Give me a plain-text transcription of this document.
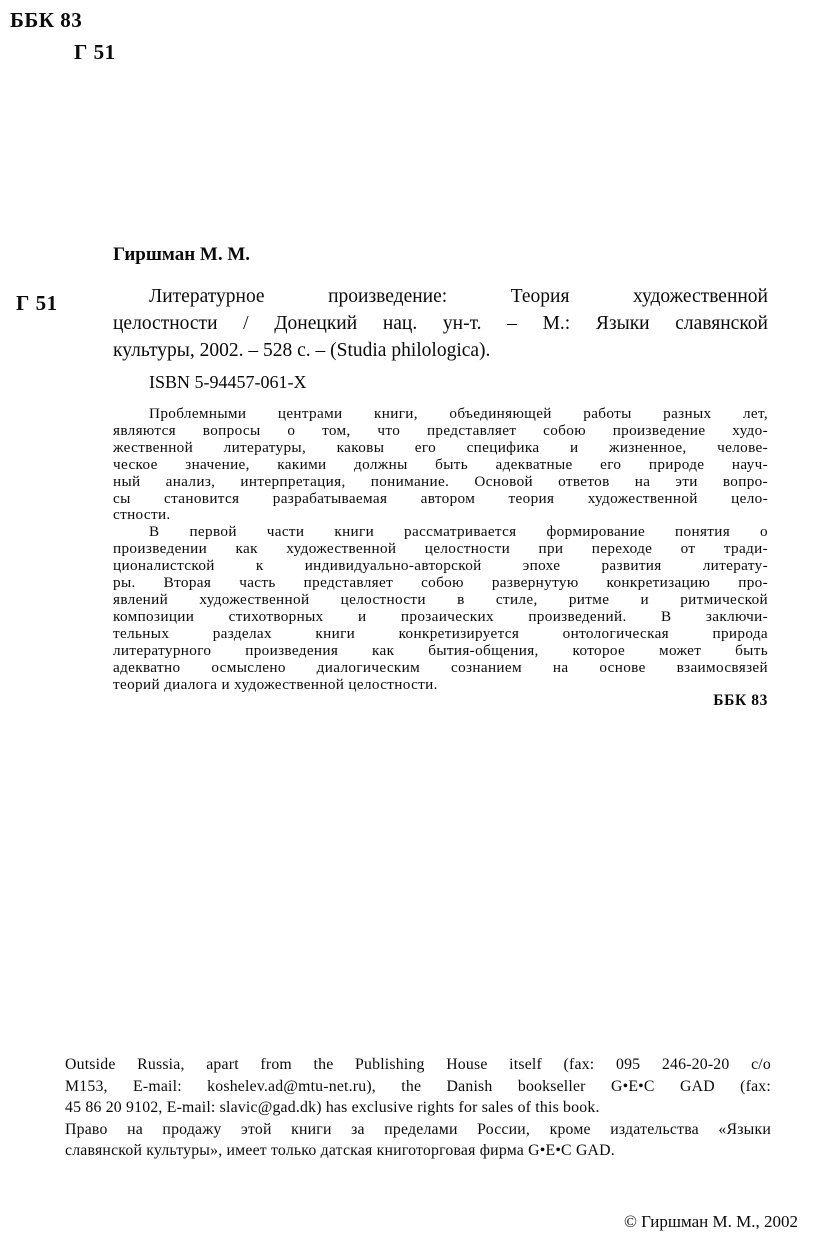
ББК 83
Г 51
Гиршман М. М.
Г 51	Литературное произведение: Теория художественной
целостности / Донецкий нац. ун-т. – М.: Языки славянской
культуры, 2002. – 528 с. – (Studia philologica).
ISBN 5-94457-061-X
Проблемными центрами книги, объединяющей работы разных лет,
являются вопросы о том, что представляет собою произведение худо-
жественной литературы, каковы его специфика и жизненное, челове-
ческое значение, какими должны быть адекватные его природе науч-
ный анализ, интерпретация, понимание. Основой ответов на эти вопро-
сы становится разрабатываемая автором теория художественной цело-
стности.
В первой части книги рассматривается формирование понятия о
произведении как художественной целостности при переходе от тради-
ционалистской к индивидуально-авторской эпохе развития литерату-
ры. Вторая часть представляет собою развернутую конкретизацию про-
явлений художественной целостности в стиле, ритме и ритмической
композиции стихотворных и прозаических произведений. В заключи-
тельных разделах книги конкретизируется онтологическая природа
литературного произведения как бытия-общения, которое может быть
адекватно осмыслено диалогическим сознанием на основе взаимосвязей
теорий диалога и художественной целостности.
ББК 83
Outside Russia, apart from the Publishing House itself (fax: 095 246-20-20 c/o
M153, E-mail: koshelev.ad@mtu-net.ru), the Danish bookseller G•E•C GAD (fax:
45 86 20 9102, E-mail: slavic@gad.dk) has exclusive rights for sales of this book.
Право на продажу этой книги за пределами России, кроме издательства «Языки
славянской культуры», имеет только датская книготорговая фирма G•E•C GAD.
© Гиршман М. М., 2002
